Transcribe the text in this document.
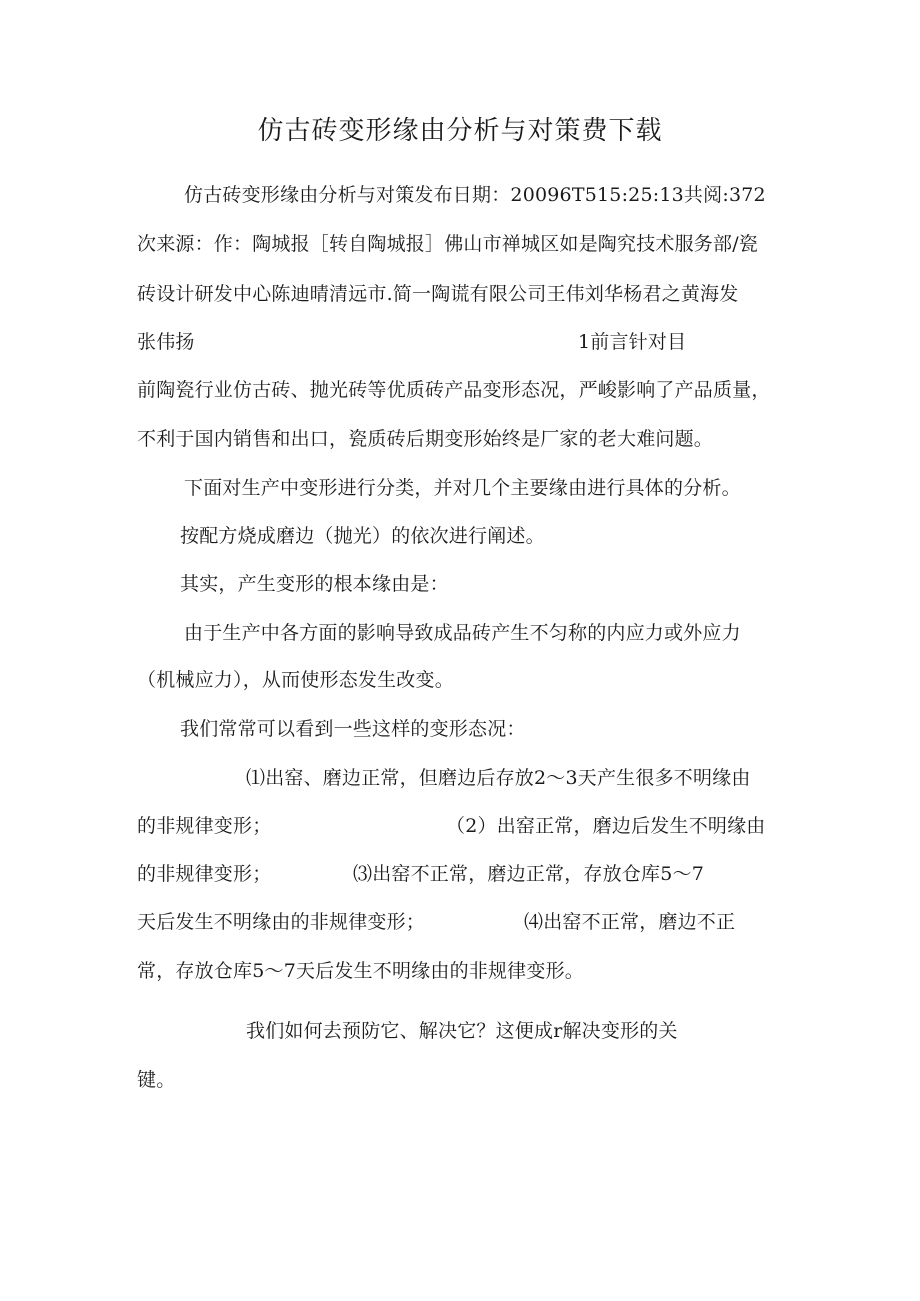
仿古砖变形缘由分析与对策费下载
仿古砖变形缘由分析与对策发布日期：20096T515:25:13共阅:372
次来源：作：陶城报［转自陶城报］佛山市禅城区如是陶究技术服务部/瓷
砖设计研发中心陈迪晴清远市.简一陶谎有限公司王伟刘华杨君之黄海发
张伟扬	1前言针对目
前陶瓷行业仿古砖、抛光砖等优质砖产品变形态况，严峻影响了产品质量，
不利于国内销售和出口，瓷质砖后期变形始终是厂家的老大难问题。
下面对生产中变形进行分类，并对几个主要缘由进行具体的分析。
按配方烧成磨边（抛光）的依次进行阐述。
其实，产生变形的根本缘由是：
由于生产中各方面的影响导致成品砖产生不匀称的内应力或外应力
（机械应力），从而使形态发生改变。
我们常常可以看到一些这样的变形态况：
⑴出窑、磨边正常，但磨边后存放2～3天产生很多不明缘由
的非规律变形；	（2）出窑正常，磨边后发生不明缘由
的非规律变形；	⑶出窑不正常，磨边正常，存放仓库5～7
天后发生不明缘由的非规律变形；	⑷出窑不正常，磨边不正
常，存放仓库5～7天后发生不明缘由的非规律变形。
我们如何去预防它、解决它？这便成r解决变形的关
键。
